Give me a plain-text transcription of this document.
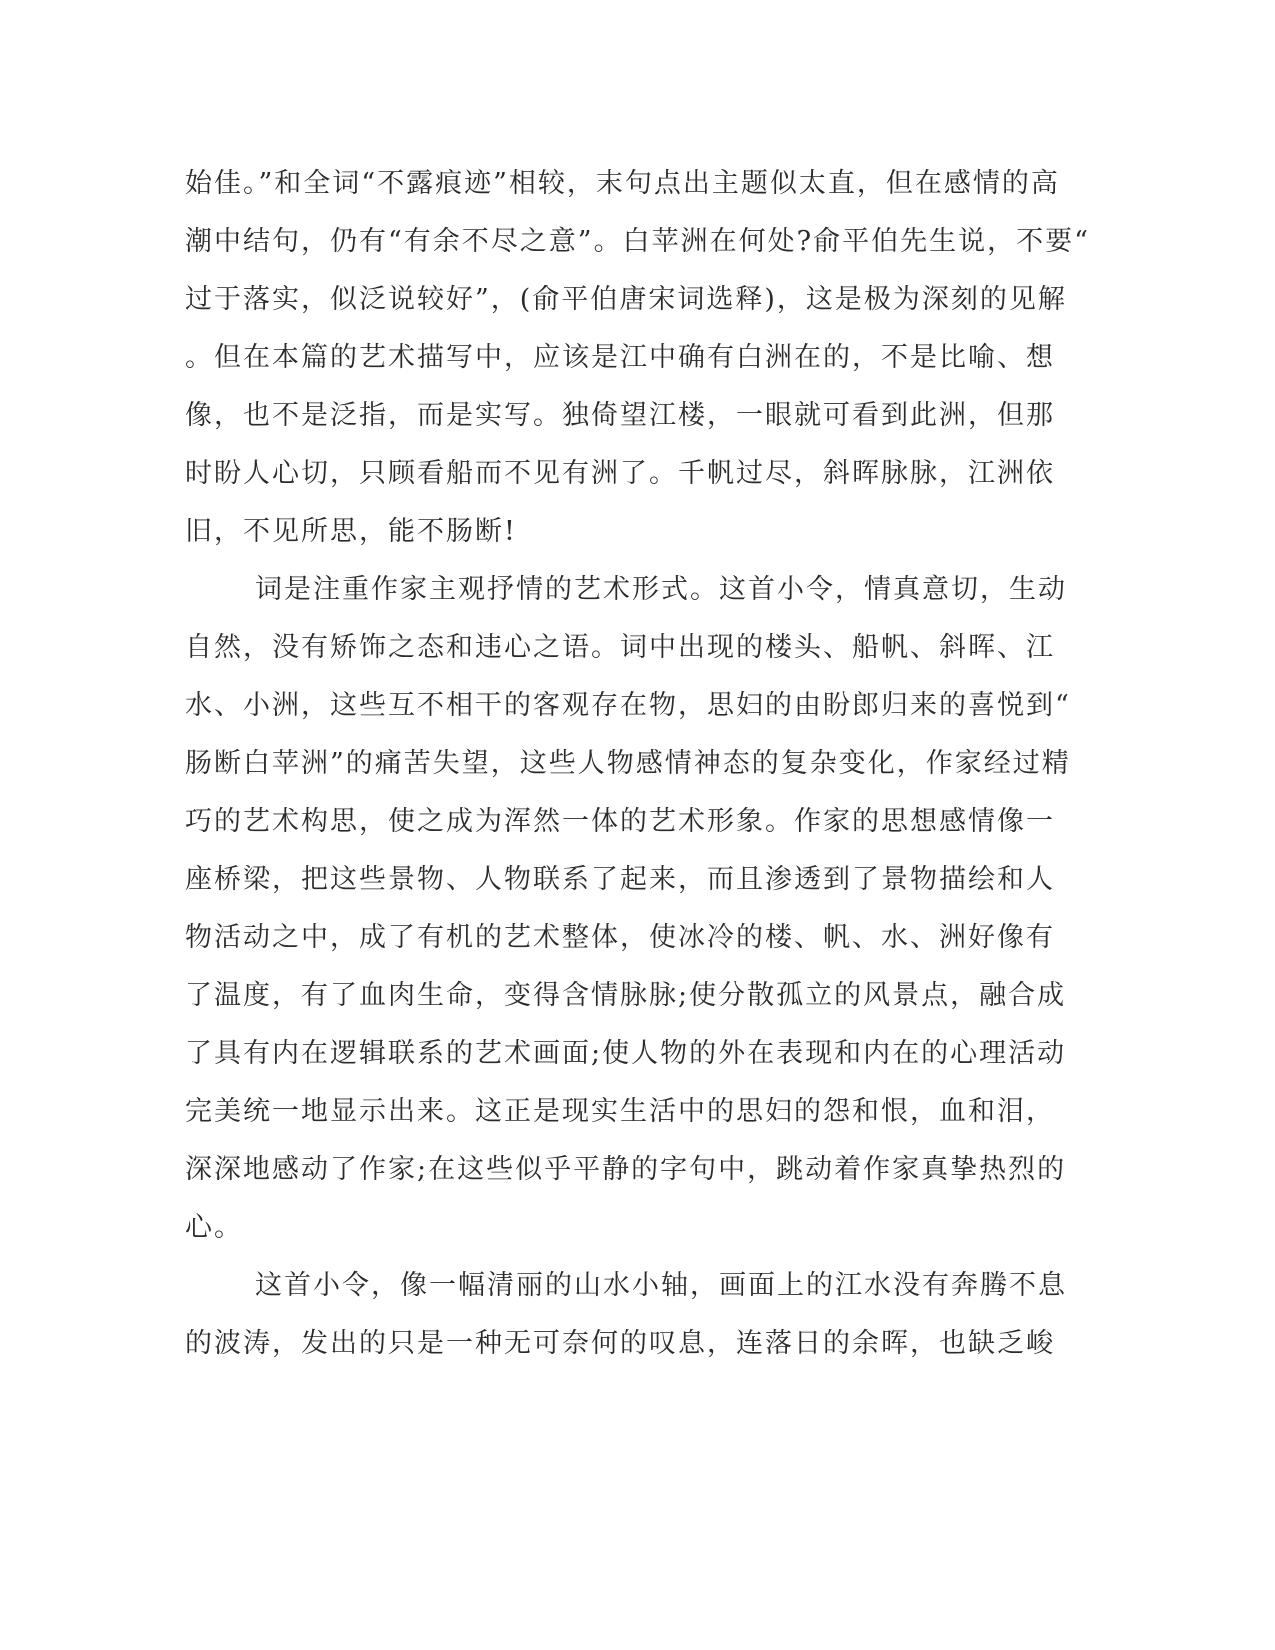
始佳。”和全词“不露痕迹”相较，末句点出主题似太直，但在感情的高
潮中结句，仍有“有余不尽之意”。白苹洲在何处?俞平伯先生说，不要“
过于落实，似泛说较好”，(俞平伯唐宋词选释)，这是极为深刻的见解
。但在本篇的艺术描写中，应该是江中确有白洲在的，不是比喻、想
像，也不是泛指，而是实写。独倚望江楼，一眼就可看到此洲，但那
时盼人心切，只顾看船而不见有洲了。千帆过尽，斜晖脉脉，江洲依
旧，不见所思，能不肠断!
词是注重作家主观抒情的艺术形式。这首小令，情真意切，生动
自然，没有矫饰之态和违心之语。词中出现的楼头、船帆、斜晖、江
水、小洲，这些互不相干的客观存在物，思妇的由盼郎归来的喜悦到“
肠断白苹洲”的痛苦失望，这些人物感情神态的复杂变化，作家经过精
巧的艺术构思，使之成为浑然一体的艺术形象。作家的思想感情像一
座桥梁，把这些景物、人物联系了起来，而且渗透到了景物描绘和人
物活动之中，成了有机的艺术整体，使冰冷的楼、帆、水、洲好像有
了温度，有了血肉生命，变得含情脉脉;使分散孤立的风景点，融合成
了具有内在逻辑联系的艺术画面;使人物的外在表现和内在的心理活动
完美统一地显示出来。这正是现实生活中的思妇的怨和恨，血和泪，
深深地感动了作家;在这些似乎平静的字句中，跳动着作家真挚热烈的
心。
这首小令，像一幅清丽的山水小轴，画面上的江水没有奔腾不息
的波涛，发出的只是一种无可奈何的叹息，连落日的余晖，也缺乏峻
